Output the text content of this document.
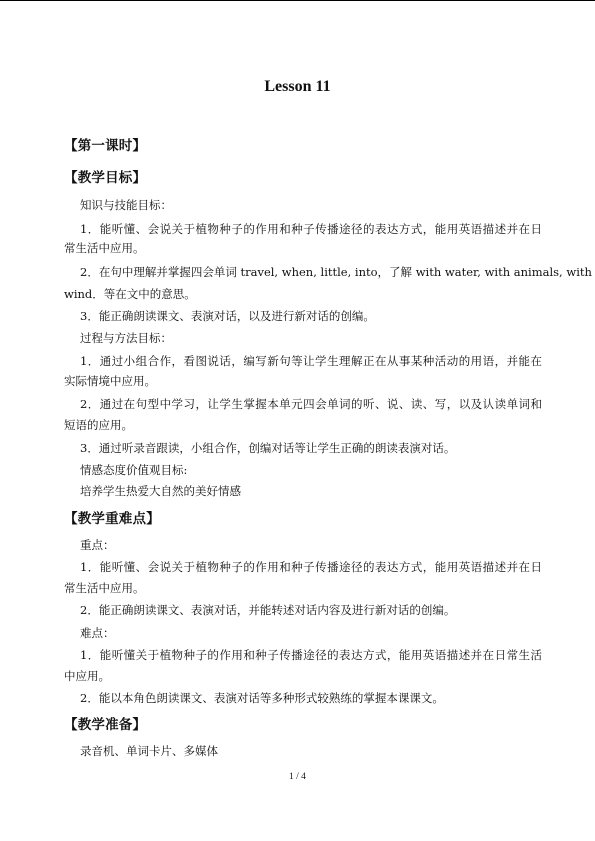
Lesson 11
【第一课时】
【教学目标】
知识与技能目标：
1．能听懂、会说关于植物种子的作用和种子传播途径的表达方式，能用英语描述并在日
常生活中应用。
2．在句中理解并掌握四会单词 travel, when, little, into，了解 with water, with animals, with
wind．等在文中的意思。
3．能正确朗读课文、表演对话，以及进行新对话的创编。
过程与方法目标：
1．通过小组合作，看图说话，编写新句等让学生理解正在从事某种活动的用语，并能在
实际情境中应用。
2．通过在句型中学习，让学生掌握本单元四会单词的听、说、读、写，以及认读单词和
短语的应用。
3．通过听录音跟读，小组合作，创编对话等让学生正确的朗读表演对话。
情感态度价值观目标:
培养学生热爱大自然的美好情感
【教学重难点】
重点：
1．能听懂、会说关于植物种子的作用和种子传播途径的表达方式，能用英语描述并在日
常生活中应用。
2．能正确朗读课文、表演对话，并能转述对话内容及进行新对话的创编。
难点：
1．能听懂关于植物种子的作用和种子传播途径的表达方式，能用英语描述并在日常生活
中应用。
2．能以本角色朗读课文、表演对话等多种形式较熟练的掌握本课课文。
【教学准备】
录音机、单词卡片、多媒体
1 / 4
